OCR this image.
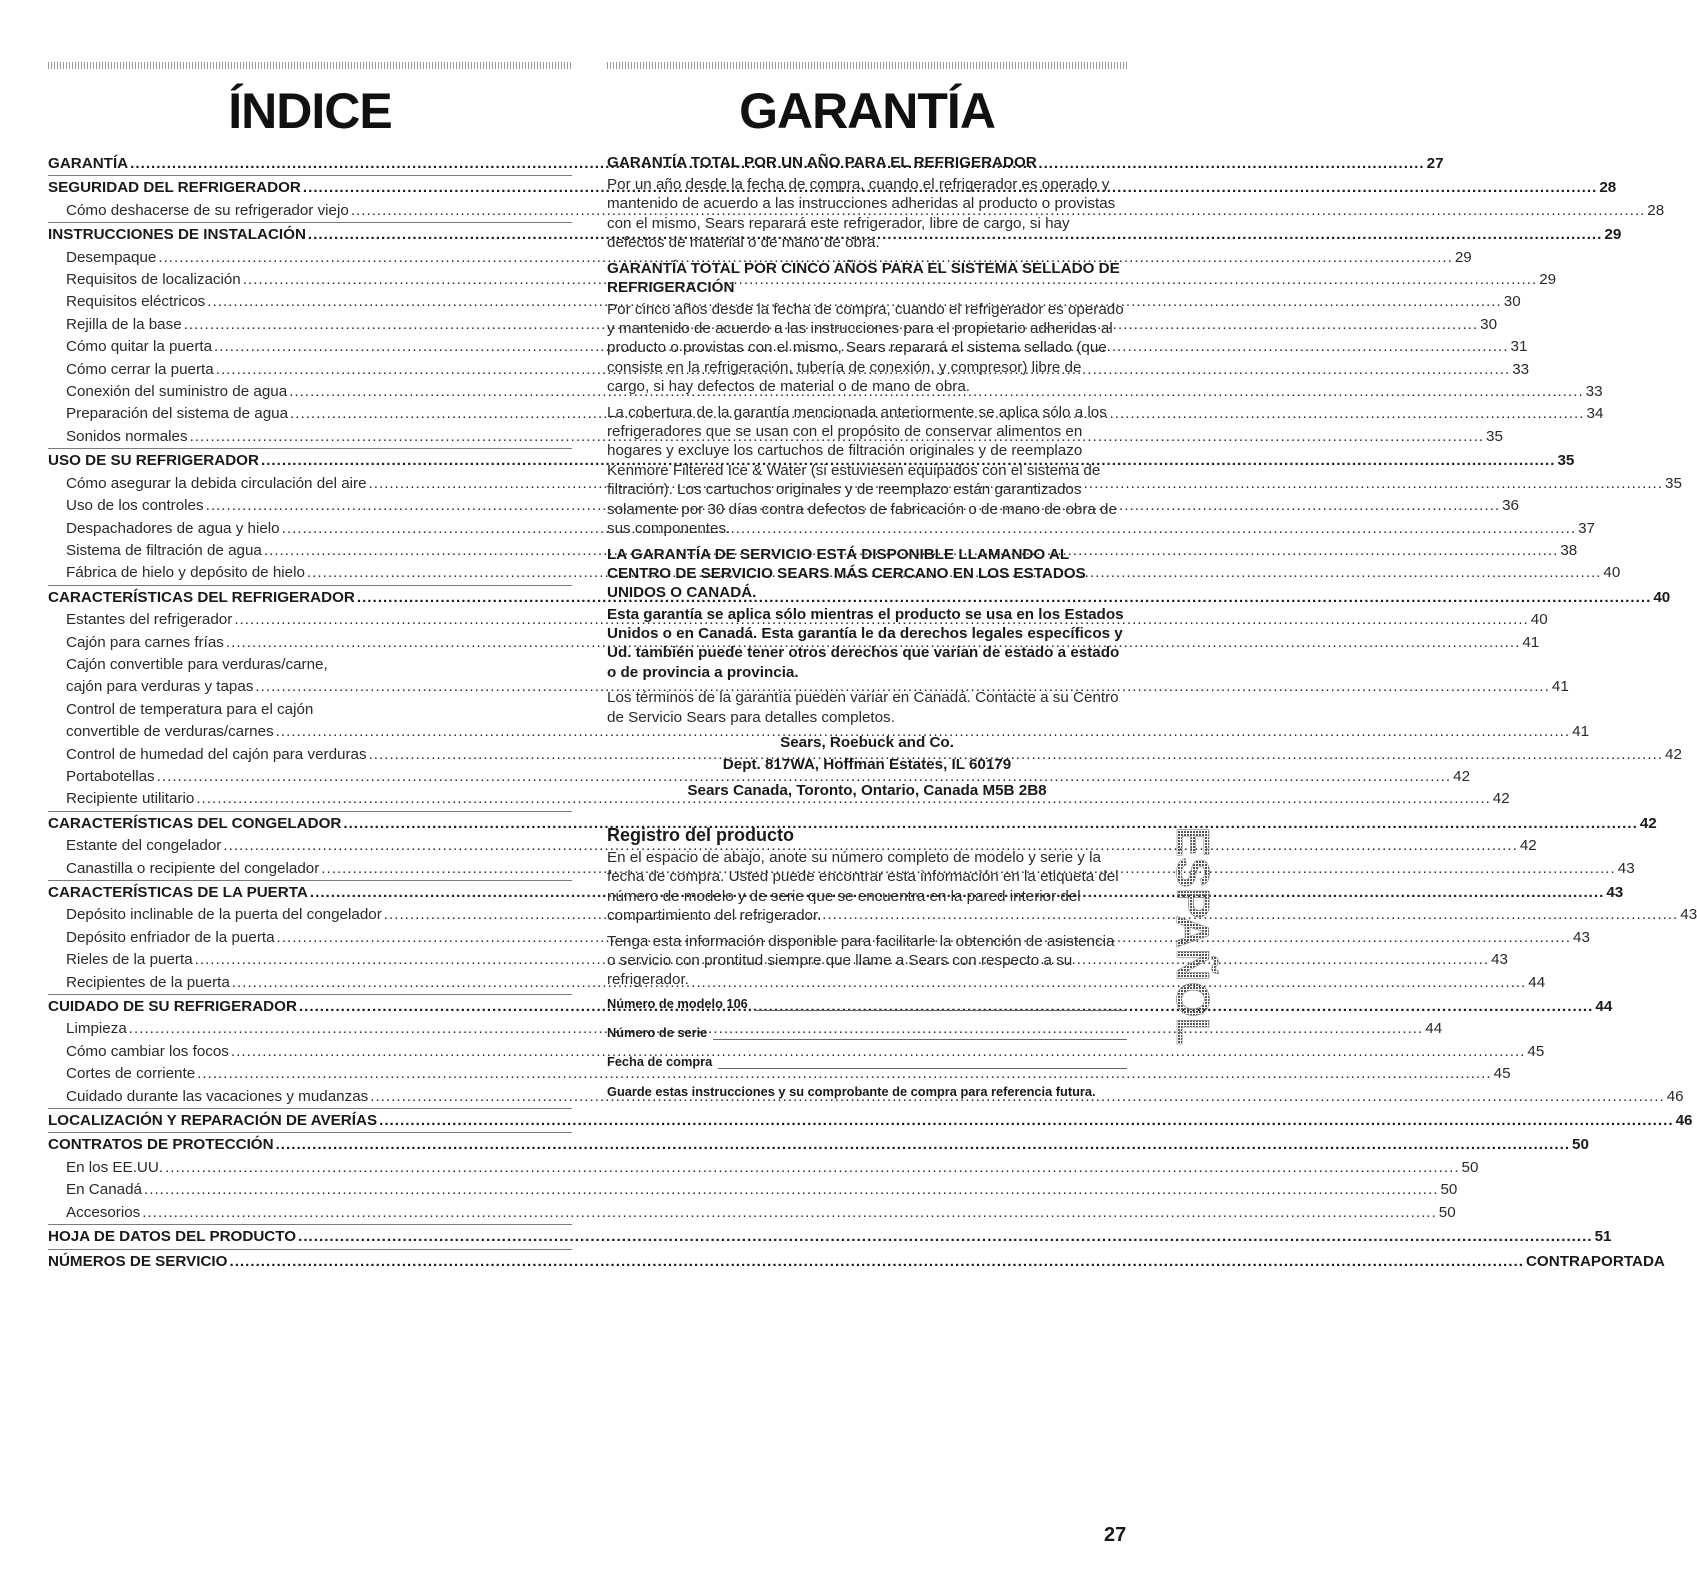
ÍNDICE
GARANTÍA .....	27
SEGURIDAD DEL REFRIGERADOR .....	28
Cómo deshacerse de su refrigerador viejo .....	28
INSTRUCCIONES DE INSTALACIÓN .....	29
Desempaque .....	29
Requisitos de localización .....	29
Requisitos eléctricos .....	30
Rejilla de la base .....	30
Cómo quitar la puerta .....	31
Cómo cerrar la puerta .....	33
Conexión del suministro de agua .....	33
Preparación del sistema de agua .....	34
Sonidos normales .....	35
USO DE SU REFRIGERADOR .....	35
Cómo asegurar la debida circulación del aire .....	35
Uso de los controles .....	36
Despachadores de agua y hielo .....	37
Sistema de filtración de agua .....	38
Fábrica de hielo y depósito de hielo .....	40
CARACTERÍSTICAS DEL REFRIGERADOR .....	40
Estantes del refrigerador .....	40
Cajón para carnes frías .....	41
Cajón convertible para verduras/carne,
cajón para verduras y tapas .....	41
Control de temperatura para el cajón
convertible de verduras/carnes .....	41
Control de humedad del cajón para verduras .....	42
Portabotellas .....	42
Recipiente utilitario .....	42
CARACTERÍSTICAS DEL CONGELADOR .....	42
Estante del congelador .....	42
Canastilla o recipiente del congelador .....	43
CARACTERÍSTICAS DE LA PUERTA .....	43
Depósito inclinable de la puerta del congelador .....	43
Depósito enfriador de la puerta .....	43
Rieles de la puerta .....	43
Recipientes de la puerta .....	44
CUIDADO DE SU REFRIGERADOR .....	44
Limpieza .....	44
Cómo cambiar los focos .....	45
Cortes de corriente .....	45
Cuidado durante las vacaciones y mudanzas .....	46
LOCALIZACIÓN Y REPARACIÓN DE AVERÍAS .....	46
CONTRATOS DE PROTECCIÓN .....	50
En los EE.UU. .....	50
En Canadá .....	50
Accesorios .....	50
HOJA DE DATOS DEL PRODUCTO .....	51
NÚMEROS DE SERVICIO .....	CONTRAPORTADA
GARANTÍA
GARANTÍA TOTAL POR UN AÑO PARA EL REFRIGERADOR
Por un año desde la fecha de compra, cuando el refrigerador es operado y mantenido de acuerdo a las instrucciones adheridas al producto o provistas con el mismo, Sears reparará este refrigerador, libre de cargo, si hay defectos de material o de mano de obra.
GARANTÍA TOTAL POR CINCO AÑOS PARA EL SISTEMA SELLADO DE REFRIGERACIÓN
Por cinco años desde la fecha de compra, cuando el refrigerador es operado y mantenido de acuerdo a las instrucciones para el propietario adheridas al producto o provistas con el mismo, Sears reparará el sistema sellado (que consiste en la refrigeración, tubería de conexión, y compresor) libre de cargo, si hay defectos de material o de mano de obra.
La cobertura de la garantía mencionada anteriormente se aplica sólo a los refrigeradores que se usan con el propósito de conservar alimentos en hogares y excluye los cartuchos de filtración originales y de reemplazo Kenmore Filtered Ice & Water (si estuviesen equipados con el sistema de filtración). Los cartuchos originales y de reemplazo están garantizados solamente por 30 días contra defectos de fabricación o de mano de obra de sus componentes.
LA GARANTÍA DE SERVICIO ESTÁ DISPONIBLE LLAMANDO AL CENTRO DE SERVICIO SEARS MÁS CERCANO EN LOS ESTADOS UNIDOS O CANADÁ.
Esta garantía se aplica sólo mientras el producto se usa en los Estados Unidos o en Canadá. Esta garantía le da derechos legales específicos y Ud. también puede tener otros derechos que varían de estado a estado o de provincia a provincia.
Los términos de la garantía pueden variar en Canadá. Contacte a su Centro de Servicio Sears para detalles completos.
Sears, Roebuck and Co.
Dept. 817WA, Hoffman Estates, IL 60179
Sears Canada, Toronto, Ontario, Canada M5B 2B8
Registro del producto
En el espacio de abajo, anote su número completo de modelo y serie y la fecha de compra. Usted puede encontrar esta información en la etiqueta del número de modelo y de serie que se encuentra en la pared interior del compartimiento del refrigerador.
Tenga esta información disponible para facilitarle la obtención de asistencia o servicio con prontitud siempre que llame a Sears con respecto a su refrigerador.
Número de modelo 106
Número de serie
Fecha de compra
Guarde estas instrucciones y su comprobante de compra para referencia futura.
ESPAÑOL
27
